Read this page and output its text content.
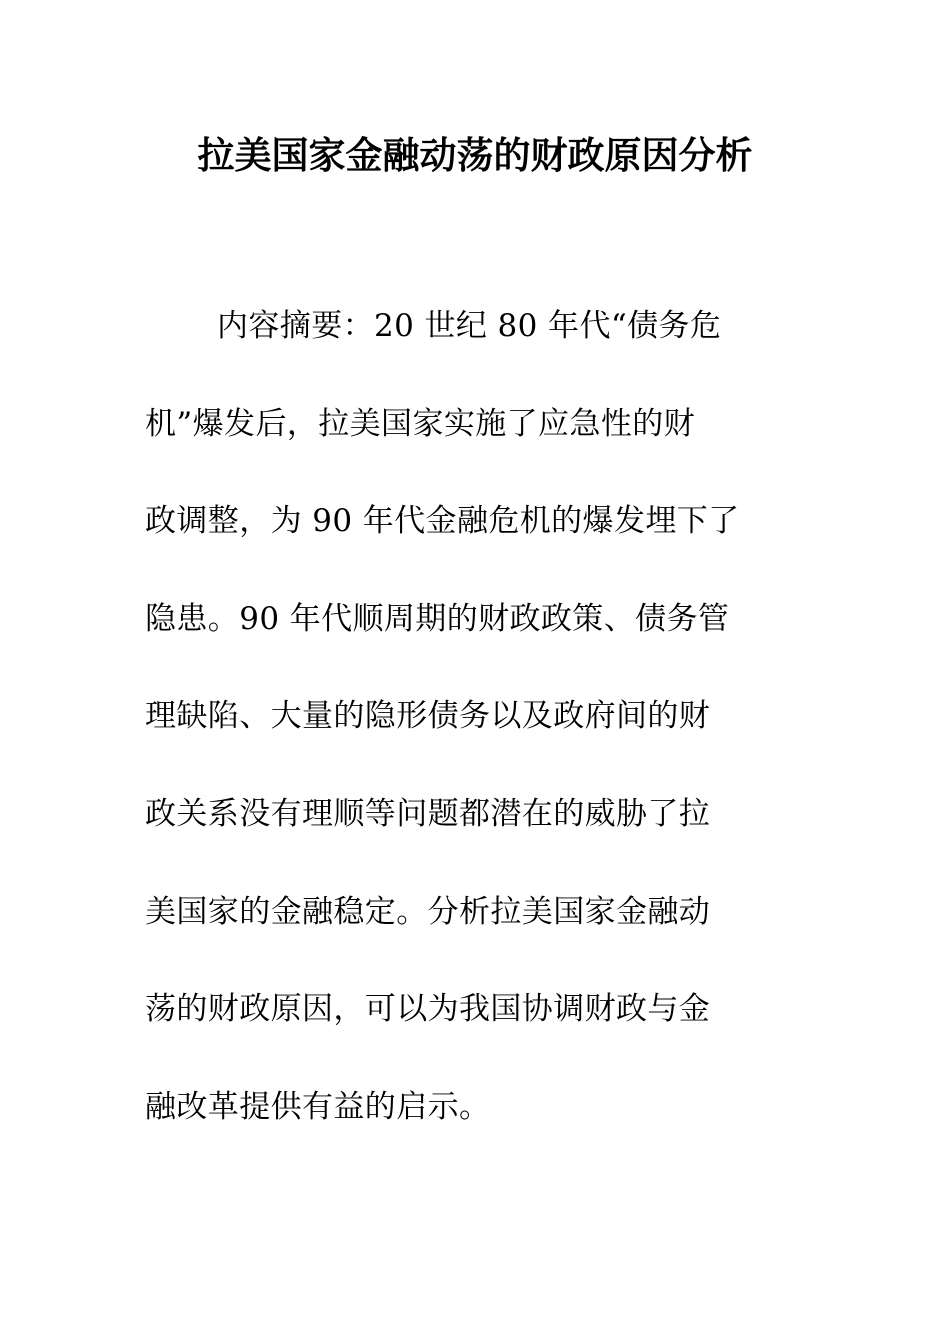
拉美国家金融动荡的财政原因分析
内容摘要：20 世纪 80 年代“债务危
机”爆发后，拉美国家实施了应急性的财
政调整，为 90 年代金融危机的爆发埋下了
隐患。90 年代顺周期的财政政策、债务管
理缺陷、大量的隐形债务以及政府间的财
政关系没有理顺等问题都潜在的威胁了拉
美国家的金融稳定。分析拉美国家金融动
荡的财政原因，可以为我国协调财政与金
融改革提供有益的启示。
